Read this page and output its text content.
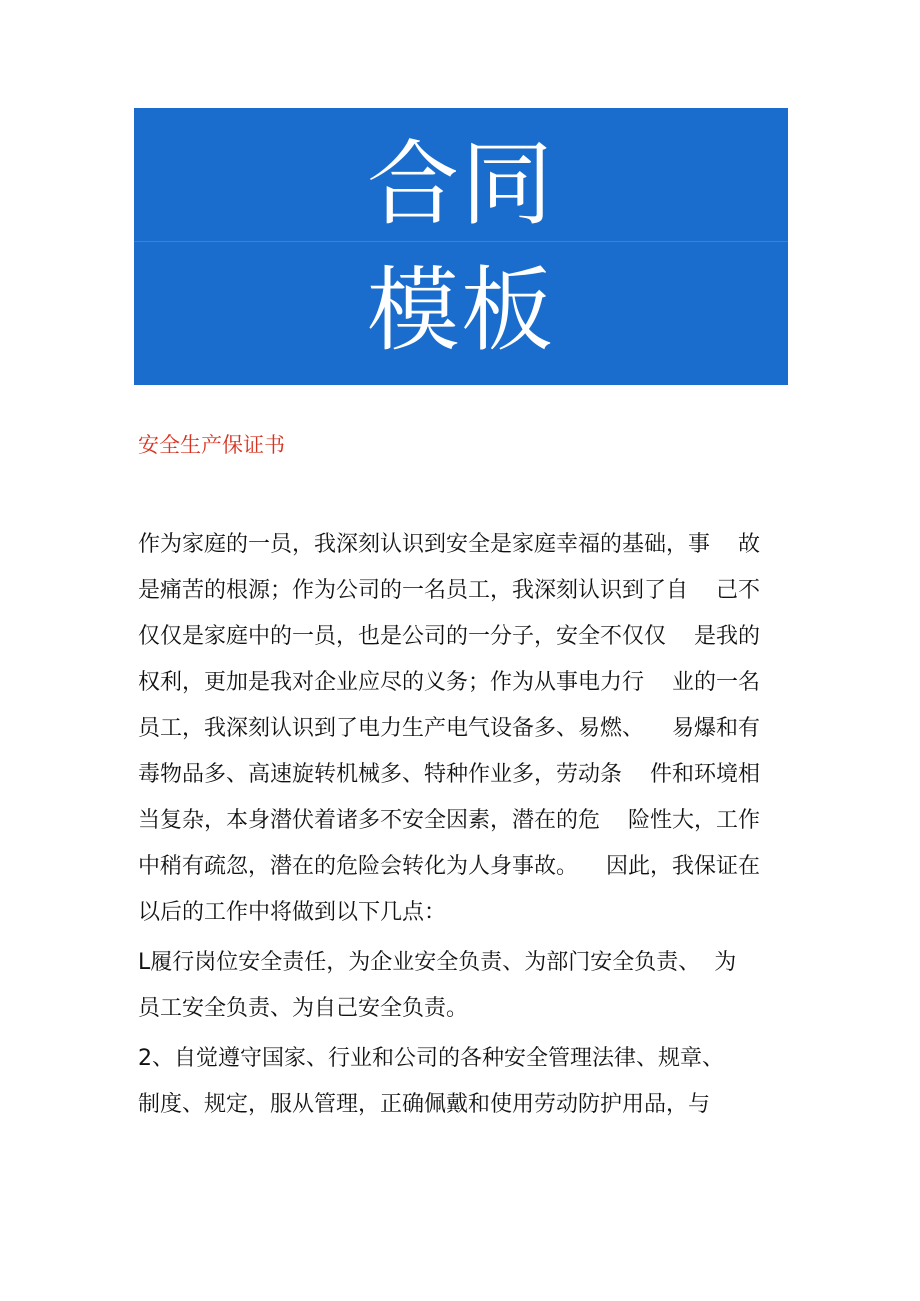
合同
模板
安全生产保证书
作为家庭的一员，我深刻认识到安全是家庭幸福的基础，事    故
是痛苦的根源；作为公司的一名员工，我深刻认识到了自    己不
仅仅是家庭中的一员，也是公司的一分子，安全不仅仅    是我的
权利，更加是我对企业应尽的义务；作为从事电力行    业的一名
员工，我深刻认识到了电力生产电气设备多、易燃、    易爆和有
毒物品多、高速旋转机械多、特种作业多，劳动条    件和环境相
当复杂，本身潜伏着诸多不安全因素，潜在的危    险性大，工作
中稍有疏忽，潜在的危险会转化为人身事故。    因此，我保证在
以后的工作中将做到以下几点：
L履行岗位安全责任，为企业安全负责、为部门安全负责、  为
员工安全负责、为自己安全负责。
2、自觉遵守国家、行业和公司的各种安全管理法律、规章、
制度、规定，服从管理，正确佩戴和使用劳动防护用品，与
